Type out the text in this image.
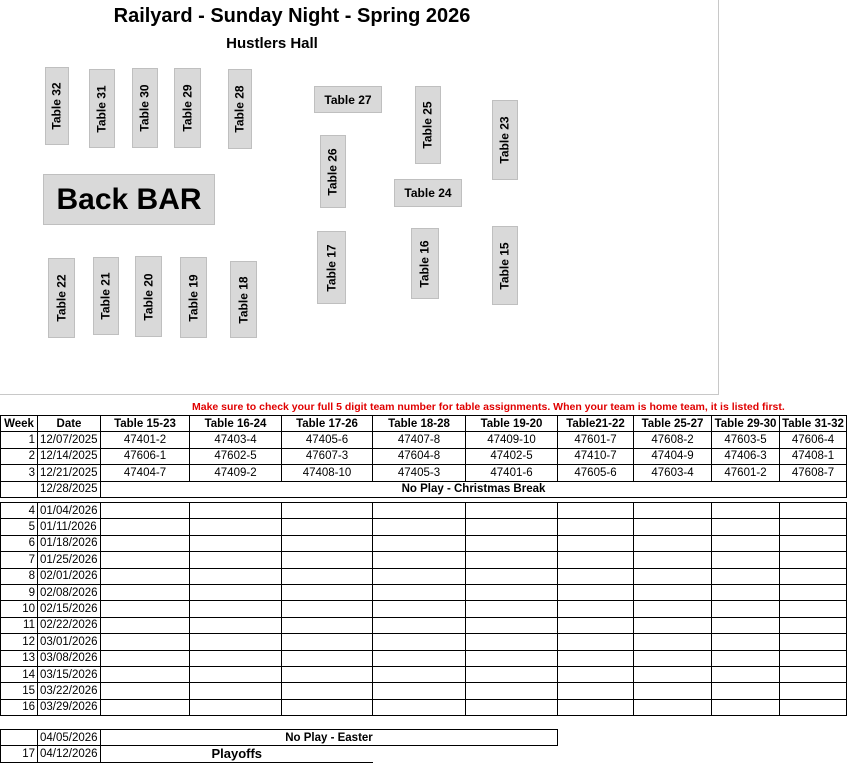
Railyard - Sunday Night - Spring 2026
Hustlers Hall
Table 32	Table 31 Table 30 Table 29	Table 28
Back BAR
Table 22	Table 21 Table 20	Table 19	Table 18
Table 27
Table 26
Table 25
Table 24
Table 23
Table 17	Table 16	Table 15
Make sure to check your full 5 digit team number for table assignments. When your team is home team, it is listed first.
Week	Date	Table 15-23	Table 16-24	Table 17-26	Table 18-28	Table 19-20	Table21-22	Table 25-27	Table 29-30	Table 31-32
1	12/07/2025	47401-2	47403-4	47405-6	47407-8	47409-10	47601-7	47608-2	47603-5	47606-4
2	12/14/2025	47606-1	47602-5	47607-3	47604-8	47402-5	47410-7	47404-9	47406-3	47408-1
3	12/21/2025	47404-7	47409-2	47408-10	47405-3	47401-6	47605-6	47603-4	47601-2	47608-7
	12/28/2025	No Play - Christmas Break								
4	01/04/2026									
5	01/11/2026									
6	01/18/2026									
7	01/25/2026									
8	02/01/2026									
9	02/08/2026									
10	02/15/2026									
11	02/22/2026									
12	03/01/2026									
13	03/08/2026									
14	03/15/2026									
15	03/22/2026									
16	03/29/2026									
	04/05/2026	No Play - Easter
17	04/12/2026	Playoffs
